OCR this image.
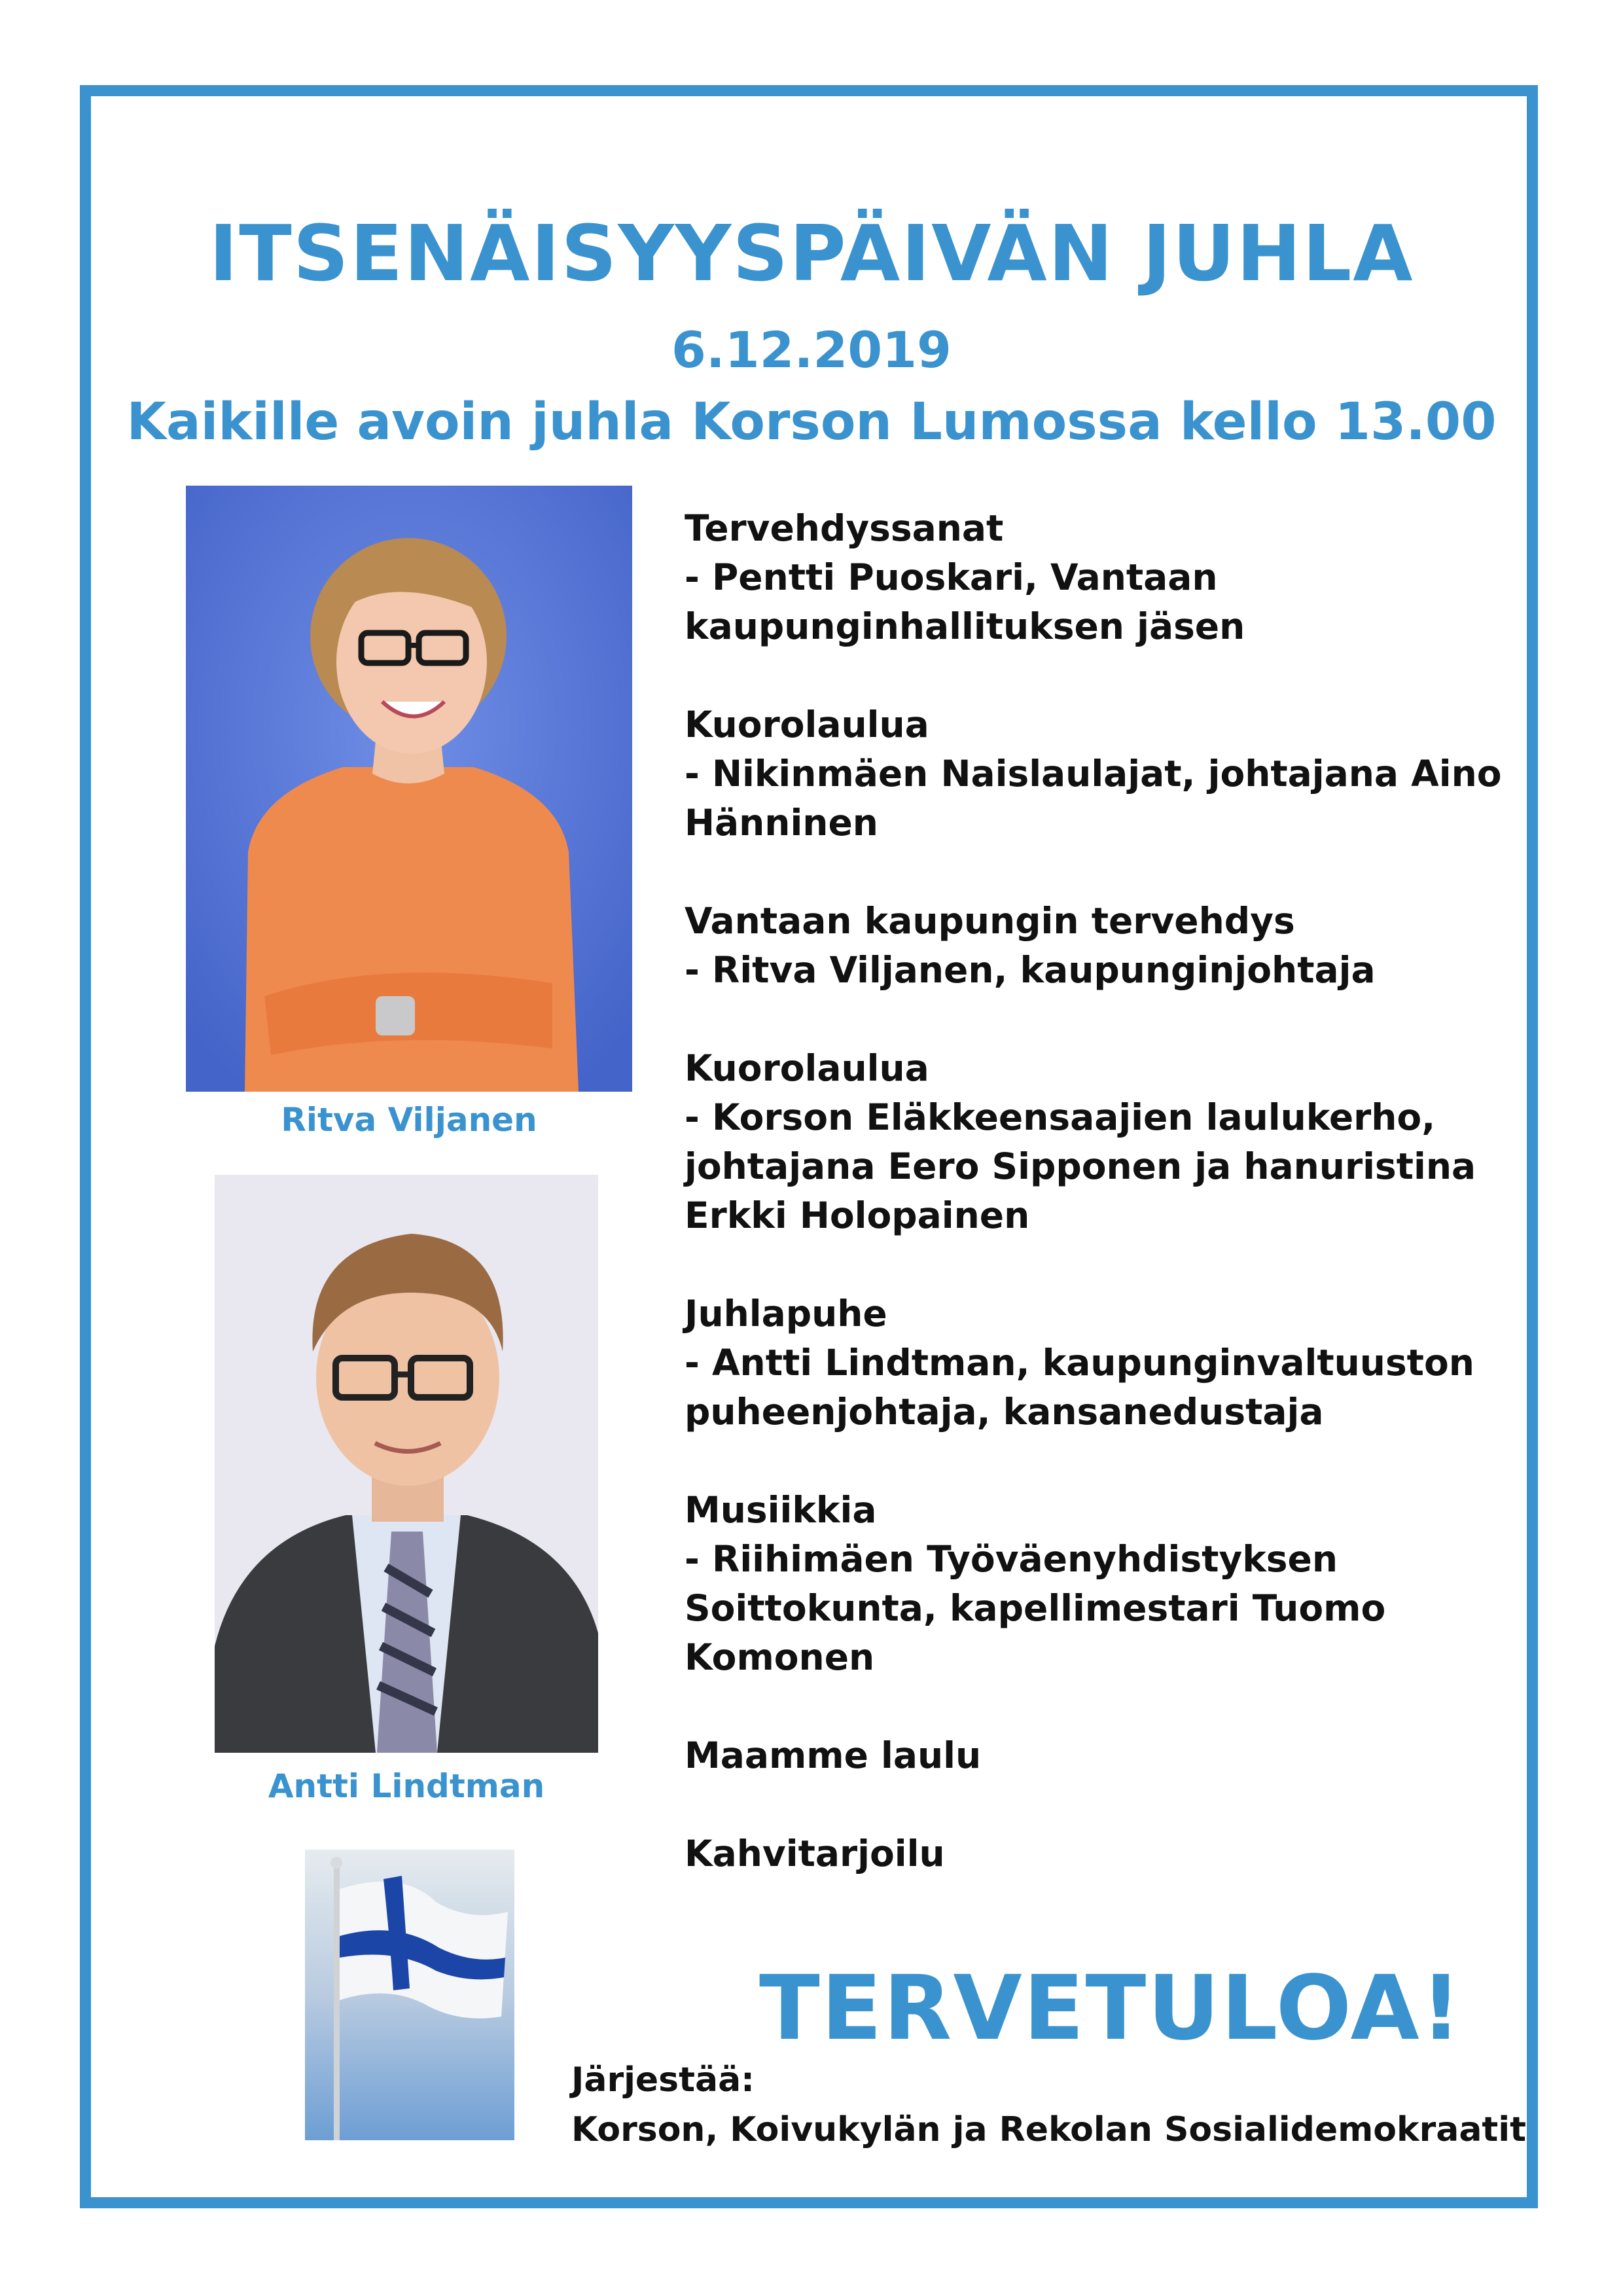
ITSENÄISYYSPÄIVÄN JUHLA
6.12.2019
Kaikille avoin juhla Korson Lumossa kello 13.00
Ritva Viljanen
Antti Lindtman
Tervehdyssanat
- Pentti Puoskari, Vantaan
kaupunginhallituksen jäsen
Kuorolaulua
- Nikinmäen Naislaulajat, johtajana Aino
Hänninen
Vantaan kaupungin tervehdys
- Ritva Viljanen, kaupunginjohtaja
Kuorolaulua
- Korson Eläkkeensaajien laulukerho,
johtajana Eero Sipponen ja hanuristina
Erkki Holopainen
Juhlapuhe
- Antti Lindtman, kaupunginvaltuuston
puheenjohtaja, kansanedustaja
Musiikkia
- Riihimäen Työväenyhdistyksen
Soittokunta, kapellimestari Tuomo
Komonen
Maamme laulu
Kahvitarjoilu
TERVETULOA!
Järjestää:
Korson, Koivukylän ja Rekolan Sosialidemokraatit
